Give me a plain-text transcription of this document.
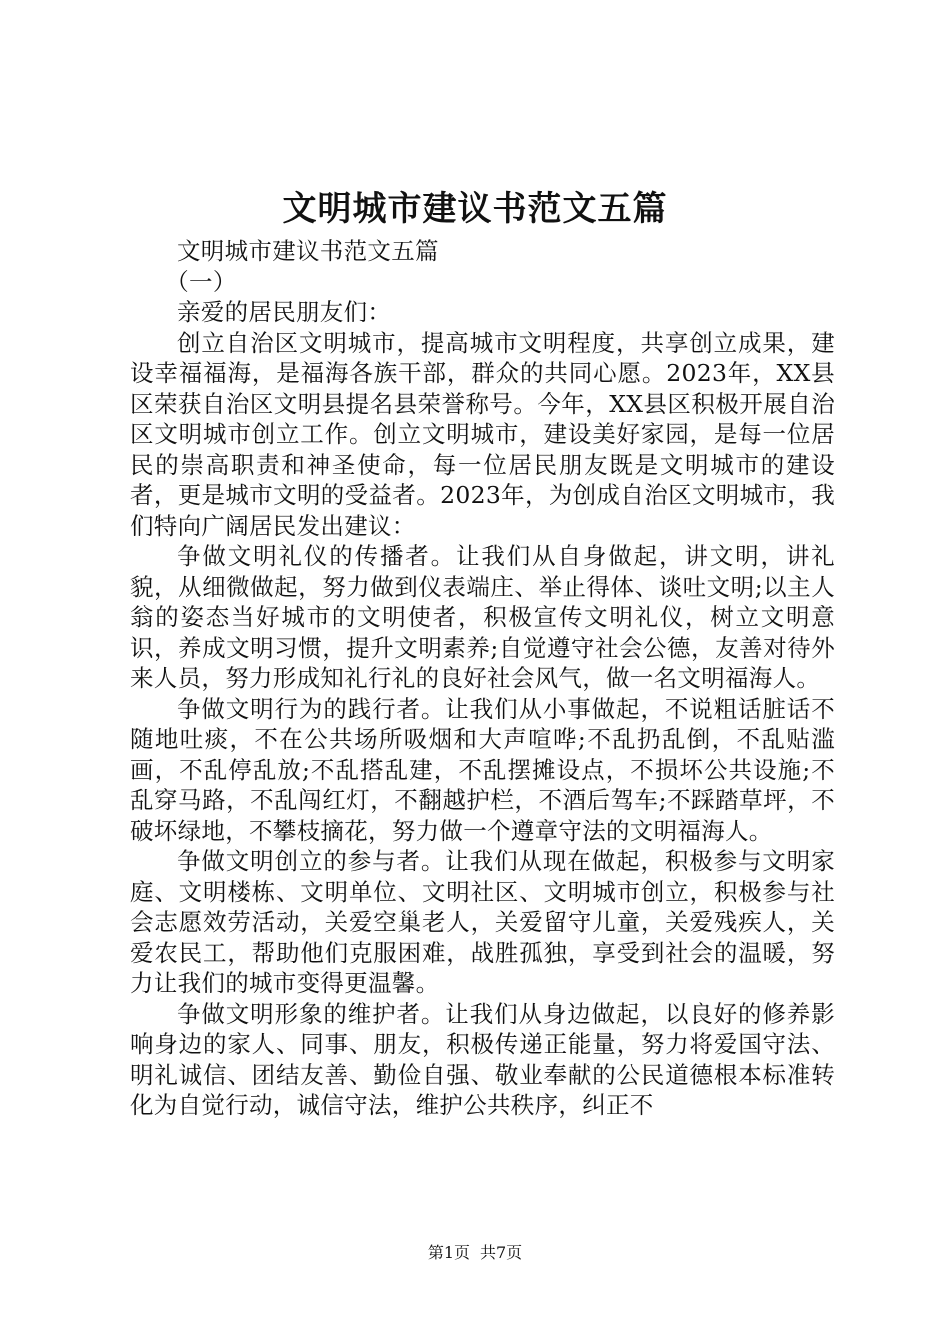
文明城市建议书范文五篇

文明城市建议书范文五篇

（一）

亲爱的居民朋友们：

创立自治区文明城市，提高城市文明程度，共享创立成果，建设幸福福海，是福海各族干部，群众的共同心愿。2023年，XX县区荣获自治区文明县提名县荣誉称号。今年，XX县区积极开展自治区文明城市创立工作。创立文明城市，建设美好家园，是每一位居民的崇高职责和神圣使命，每一位居民朋友既是文明城市的建设者，更是城市文明的受益者。2023年，为创成自治区文明城市，我们特向广阔居民发出建议：

争做文明礼仪的传播者。让我们从自身做起，讲文明，讲礼貌，从细微做起，努力做到仪表端庄、举止得体、谈吐文明;以主人翁的姿态当好城市的文明使者，积极宣传文明礼仪，树立文明意识，养成文明习惯，提升文明素养;自觉遵守社会公德，友善对待外来人员，努力形成知礼行礼的良好社会风气，做一名文明福海人。

争做文明行为的践行者。让我们从小事做起，不说粗话脏话不随地吐痰，不在公共场所吸烟和大声喧哗;不乱扔乱倒，不乱贴滥画，不乱停乱放;不乱搭乱建，不乱摆摊设点，不损坏公共设施;不乱穿马路，不乱闯红灯，不翻越护栏，不酒后驾车;不踩踏草坪，不破坏绿地，不攀枝摘花，努力做一个遵章守法的文明福海人。

争做文明创立的参与者。让我们从现在做起，积极参与文明家庭、文明楼栋、文明单位、文明社区、文明城市创立，积极参与社会志愿效劳活动，关爱空巢老人，关爱留守儿童，关爱残疾人，关爱农民工，帮助他们克服困难，战胜孤独，享受到社会的温暖，努力让我们的城市变得更温馨。

争做文明形象的维护者。让我们从身边做起，以良好的修养影响身边的家人、同事、朋友，积极传递正能量，努力将爱国守法、明礼诚信、团结友善、勤俭自强、敬业奉献的公民道德根本标准转化为自觉行动，诚信守法，维护公共秩序，纠正不

第1页 共7页
